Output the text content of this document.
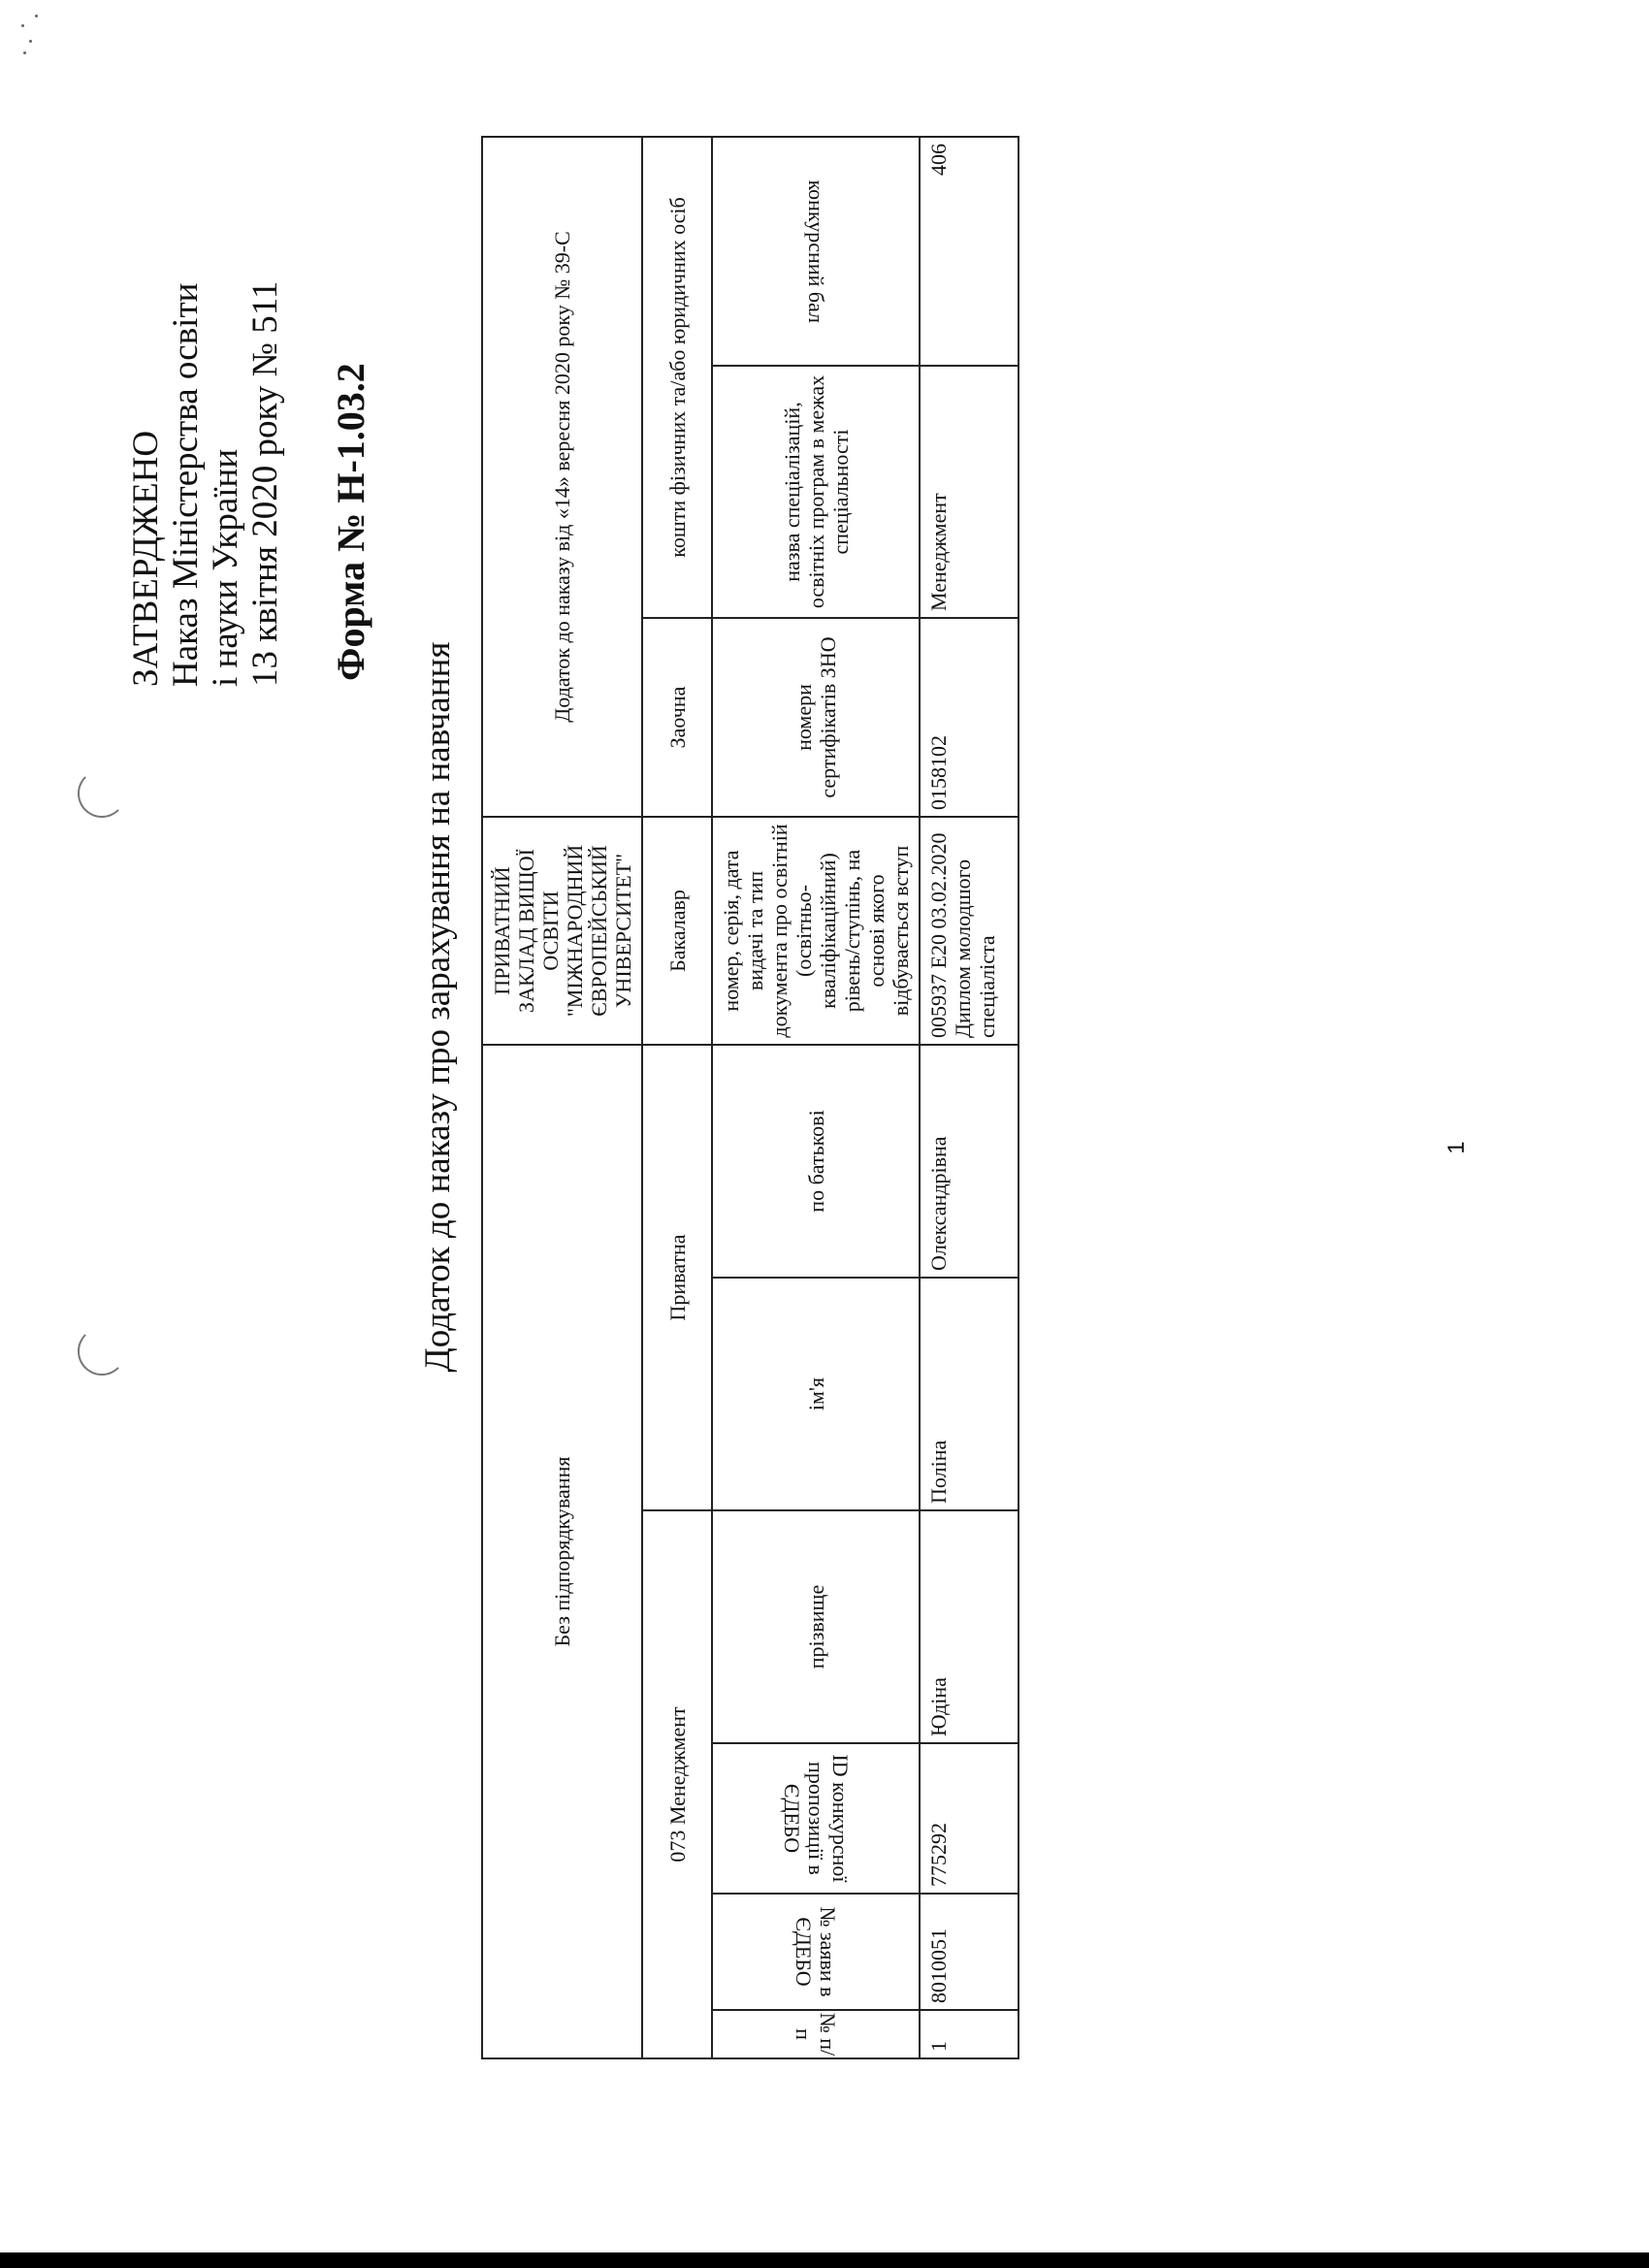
ЗАТВЕРДЖЕНО Наказ Міністерства освіти і науки України 13 квітня 2020 року № 511 Форма № Н-1.03.2
Додаток до наказу про зарахування на навчання	1
Без підпорядкування						ПРИВАТНИЙ ЗАКЛАД ВИЩОЇ ОСВІТИ "МІЖНАРОДНИЙ ЄВРОПЕЙСЬКИЙ УНІВЕРСИТЕТ"	Додаток до наказу від «14» вересня 2020 року № 39-С		
073 Менеджмент				Приватна		Бакалавр	Заочна	кошти фізичних та/або юридичних осіб	
№ п/п	№ заяви в ЄДЕБО	ID конкурсної пропозиції в ЄДЕБО	прізвище	ім'я	по батькові	номер, серія, дата видачі та тип документа про освітній (освітньо-кваліфікаційний) рівень/ступінь, на основі якого відбувається вступ	номери сертифікатів ЗНО	назва спеціалізацій, освітніх програм в межах спеціальності	конкурсний бал
1	8010051	775292	Юдіна	Поліна	Олександрівна	005937 Е20 03.02.2020 Диплом молодшого спеціаліста	0158102	Менеджмент	406
